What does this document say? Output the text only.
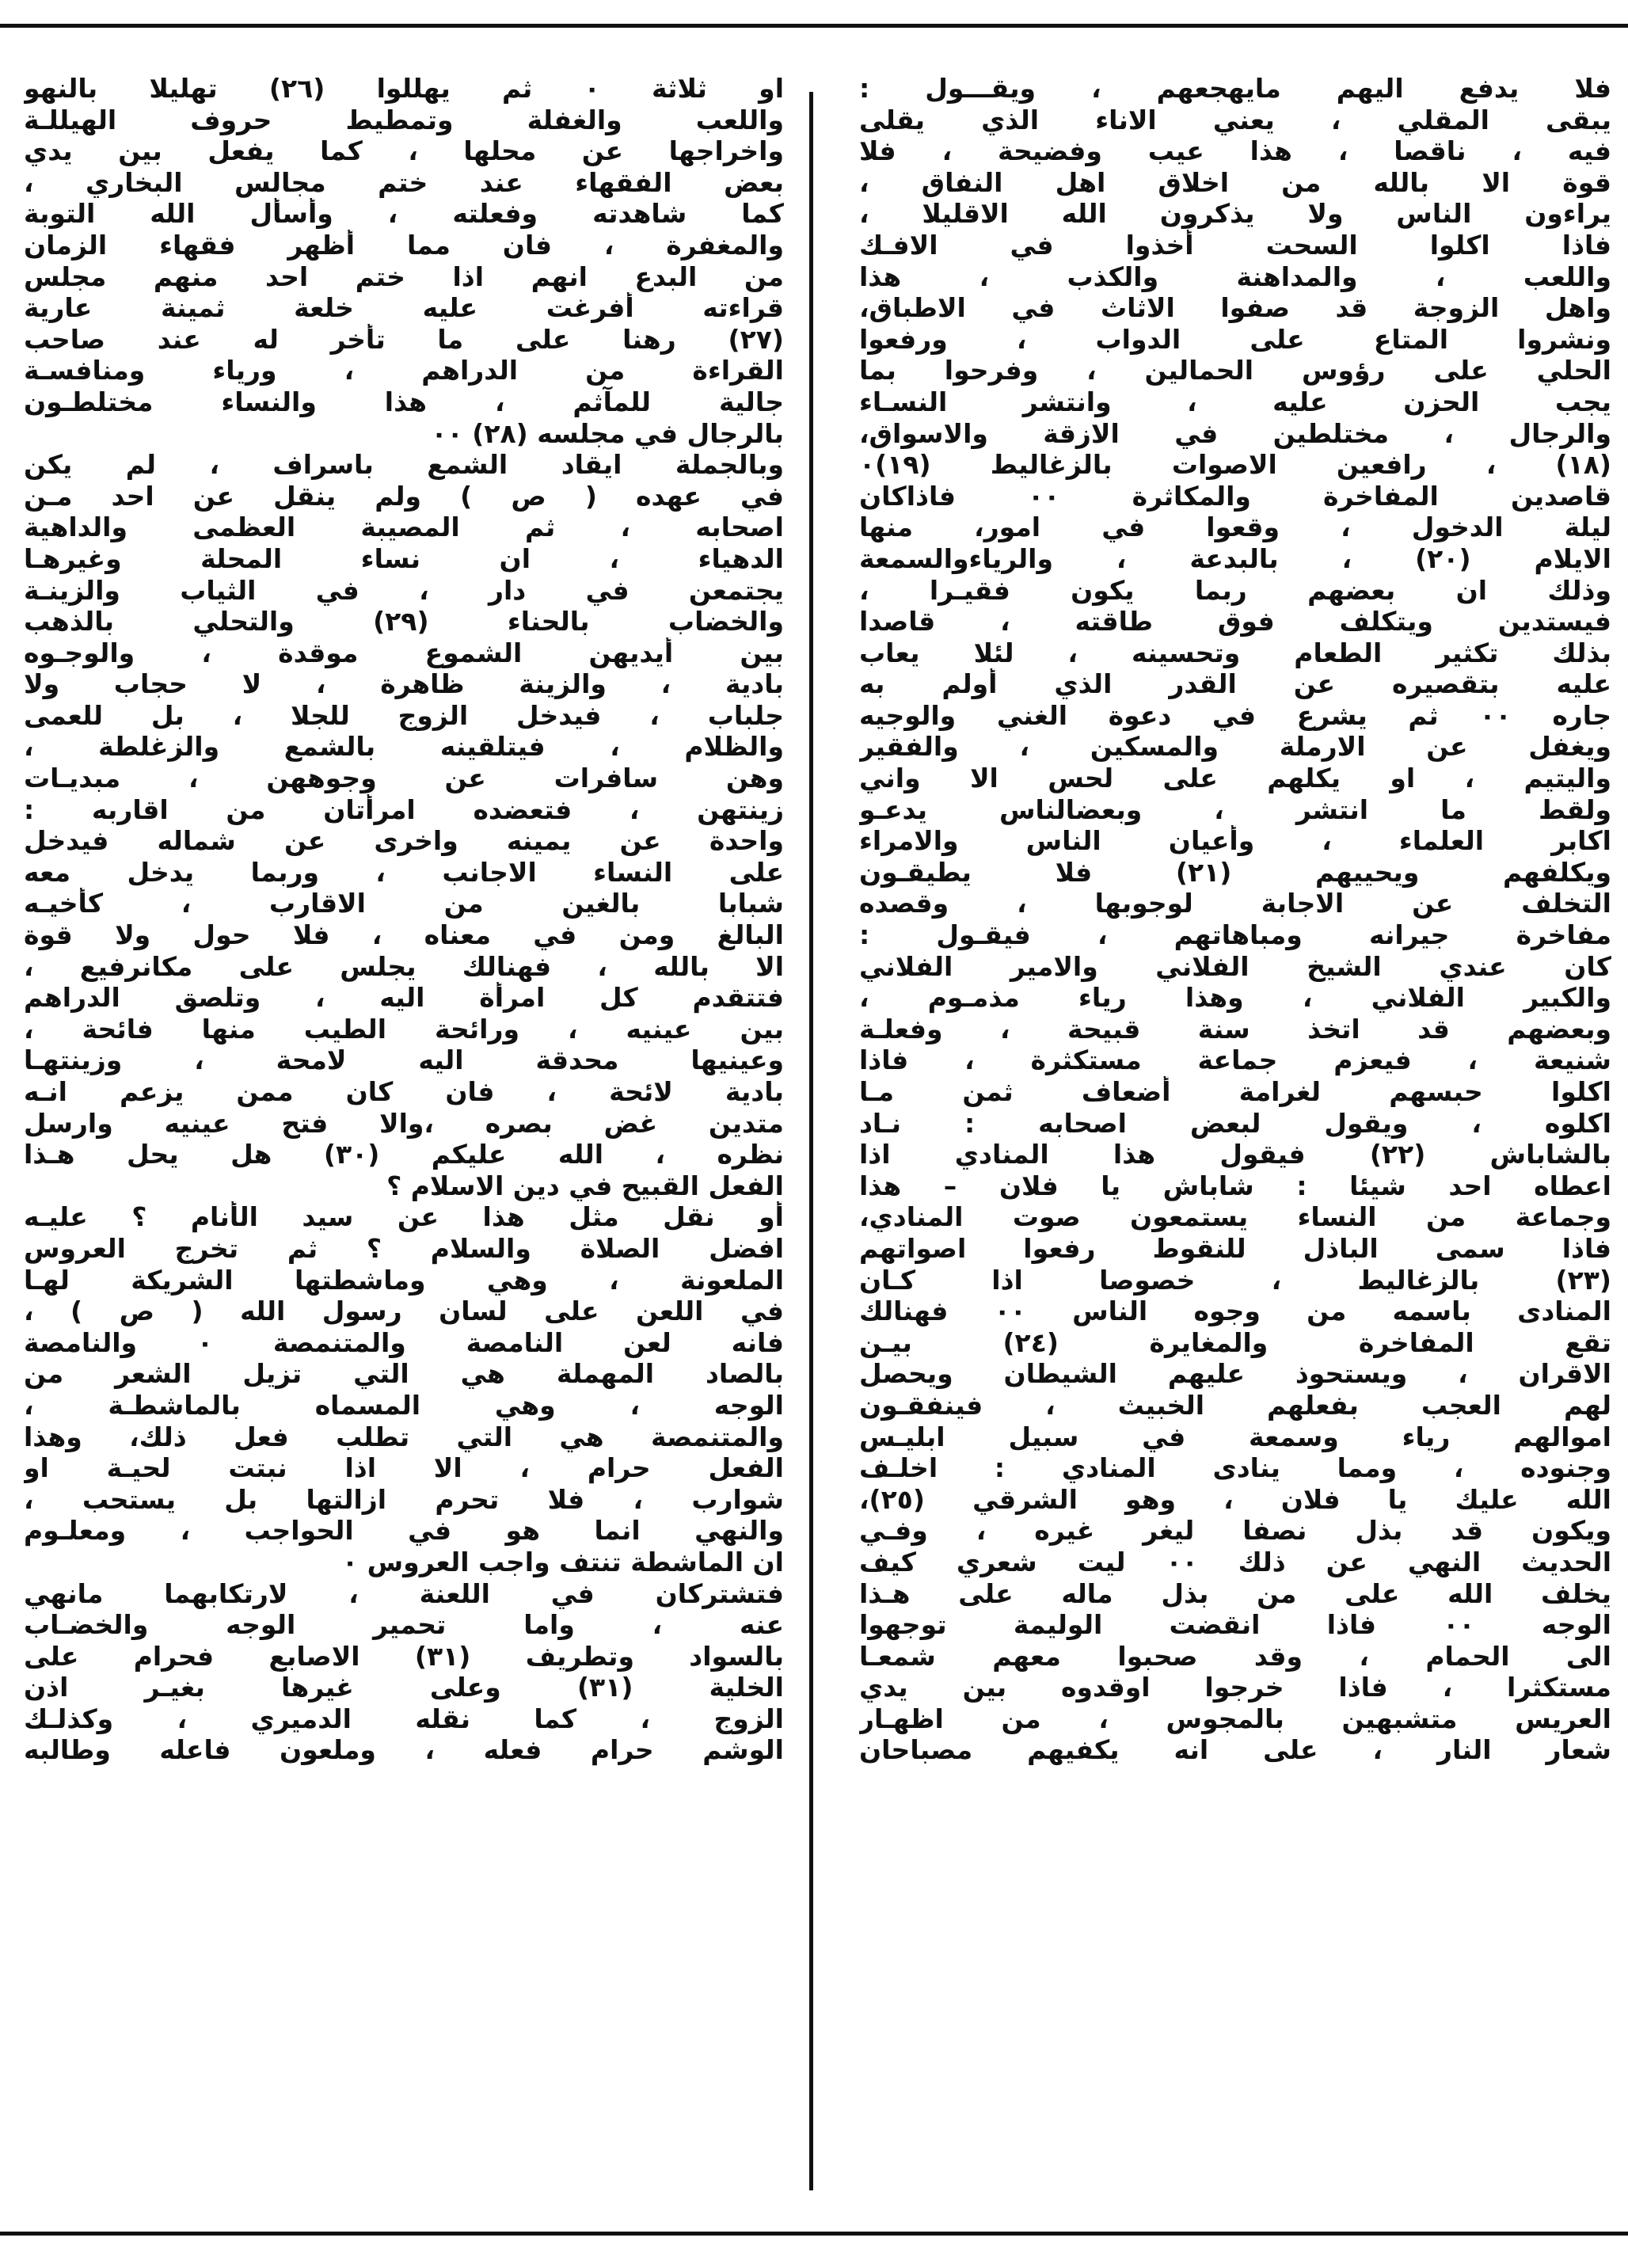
فلا يدفع اليهم مايهجعهم ، ويقـــول :
يبقى المقلي ، يعني الاناء الذي يقلى
فيه ، ناقصا ، هذا عيب وفضيحة ، فلا
قوة الا بالله من اخلاق اهل النفاق ،
يراءون الناس ولا يذكرون الله الاقليلا ،
فاذا اكلوا السحت أخذوا في الافـك
واللعب ، والمداهنة والكذب ، هذا
واهل الزوجة قد صفوا الاثاث في الاطباق،
ونشروا المتاع على الدواب ، ورفعوا
الحلي على رؤوس الحمالين ، وفرحوا بما
يجب الحزن عليه ، وانتشر النسـاء
والرجال ، مختلطين في الازقة والاسواق،
(١٨) ، رافعين الاصوات بالزغاليط (١٩)٠
قاصدين المفاخرة والمكاثرة ٠٠ فاذاكان
ليلة الدخول ، وقعوا في امور، منها
الايلام (٢٠) ، بالبدعة ، والرياءوالسمعة
وذلك ان بعضهم ربما يكون فقيـرا ،
فيستدين ويتكلف فوق طاقته ، قاصدا
بذلك تكثير الطعام وتحسينه ، لئلا يعاب
عليه بتقصيره عن القدر الذي أولم به
جاره ٠٠ ثم يشرع في دعوة الغني والوجيه
ويغفل عن الارملة والمسكين ، والفقير
واليتيم ، او يكلهم على لحس الا واني
ولقط ما انتشر ، وبعضالناس يدعـو
اكابر العلماء ، وأعيان الناس والامراء
ويكلفهم ويحييهم (٢١) فلا يطيقـون
التخلف عن الاجابة لوجوبها ، وقصده
مفاخرة جيرانه ومباهاتهم ، فيقـول :
كان عندي الشيخ الفلاني والامير الفلاني
والكبير الفلاني ، وهذا رياء مذمـوم ،
وبعضهم قد اتخذ سنة قبيحة ، وفعلـة
شنيعة ، فيعزم جماعة مستكثرة ، فاذا
اكلوا حبسهم لغرامة أضعاف ثمن مـا
اكلوه ، ويقول لبعض اصحابه : نـاد
بالشاباش (٢٢) فيقول هذا المنادي اذا
اعطاه احد شيئا : شاباش يا فلان – هذا
وجماعة من النساء يستمعون صوت المنادي،
فاذا سمى الباذل للنقوط رفعوا اصواتهم
(٢٣) بالزغاليط ، خصوصا اذا كـان
المنادى باسمه من وجوه الناس ٠٠ فهنالك
تقع المفاخرة والمغايرة (٢٤) بيـن
الاقران ، ويستحوذ عليهم الشيطان ويحصل
لهم العجب بفعلهم الخبيث ، فينفقـون
اموالهم رياء وسمعة في سبيل ابليـس
وجنوده ، ومما ينادى المنادي : اخلـف
الله عليك يا فلان ، وهو الشرقي (٢٥)،
ويكون قد بذل نصفا ليغر غيره ، وفـي
الحديث النهي عن ذلك ٠٠ ليت شعري كيف
يخلف الله على من بذل ماله على هـذا
الوجه ٠٠ فاذا انقضت الوليمة توجهوا
الى الحمام ، وقد صحبوا معهم شمعـا
مستكثرا ، فاذا خرجوا اوقدوه بين يدي
العريس متشبهين بالمجوس ، من اظهـار
شعار النار ، على انه يكفيهم مصباحان
او ثلاثة ٠ ثم يهللوا (٢٦) تهليلا بالنهو
واللعب والغفلة وتمطيط حروف الهيللـة
واخراجها عن محلها ، كما يفعل بين يدي
بعض الفقهاء عند ختم مجالس البخاري ،
كما شاهدته وفعلته ، وأسأل الله التوبة
والمغفرة ، فان مما أظهر فقهاء الزمان
من البدع انهم اذا ختم احد منهم مجلس
قراءته أفرغت عليه خلعة ثمينة عارية
(٢٧) رهنا على ما تأخر له عند صاحب
القراءة من الدراهم ، ورياء ومنافسـة
جالية للمآثم ، هذا والنساء مختلطـون
بالرجال في مجلسه (٢٨) ٠٠
وبالجملة ايقاد الشمع باسراف ، لم يكن
في عهده ( ص ) ولم ينقل عن احد مـن
اصحابه ، ثم المصيبة العظمى والداهية
الدهياء ، ان نساء المحلة وغيرهـا
يجتمعن في دار ، في الثياب والزينـة
والخضاب بالحناء (٢٩) والتحلي بالذهب
بين أيديهن الشموع موقدة ، والوجـوه
بادية ، والزينة ظاهرة ، لا حجاب ولا
جلباب ، فيدخل الزوج للجلا ، بل للعمى
والظلام ، فيتلقينه بالشمع والزغلطة ،
وهن سافرات عن وجوههن ، مبديـات
زينتهن ، فتعضده امرأتان من اقاربه :
واحدة عن يمينه واخرى عن شماله فيدخل
على النساء الاجانب ، وربما يدخل معه
شبابا بالغين من الاقارب ، كأخيـه
البالغ ومن في معناه ، فلا حول ولا قوة
الا بالله ، فهنالك يجلس على مكانرفيع ،
فتتقدم كل امرأة اليه ، وتلصق الدراهم
بين عينيه ، ورائحة الطيب منها فائحة ،
وعينيها محدقة اليه لامحة ، وزينتهـا
بادية لائحة ، فان كان ممن يزعم انـه
متدين غض بصره ،والا فتح عينيه وارسل
نظره ، الله عليكم (٣٠) هل يحل هـذا
الفعل القبيح في دين الاسلام ؟
أو نقل مثل هذا عن سيد الأنام ؟ عليـه
افضل الصلاة والسلام ؟ ثم تخرج العروس
الملعونة ، وهي وماشطتها الشريكة لهـا
في اللعن على لسان رسول الله ( ص ) ،
فانه لعن النامصة والمتنمصة ٠ والنامصة
بالصاد المهملة هي التي تزيل الشعر من
الوجه ، وهي المسماه بالماشطـة ،
والمتنمصة هي التي تطلب فعل ذلك، وهذا
الفعل حرام ، الا اذا نبتت لحيـة او
شوارب ، فلا تحرم ازالتها بل يستحب ،
والنهي انما هو في الحواجب ، ومعلـوم
ان الماشطة تنتف واجب العروس ٠
فتشتركان في اللعنة ، لارتكابهما مانهي
عنه ، واما تحمير الوجه والخضـاب
بالسواد وتطريف (٣١) الاصابع فحرام على
الخلية (٣١) وعلى غيرها بغيـر اذن
الزوج ، كما نقله الدميري ، وكذلـك
الوشم حرام فعله ، وملعون فاعله وطالبه
